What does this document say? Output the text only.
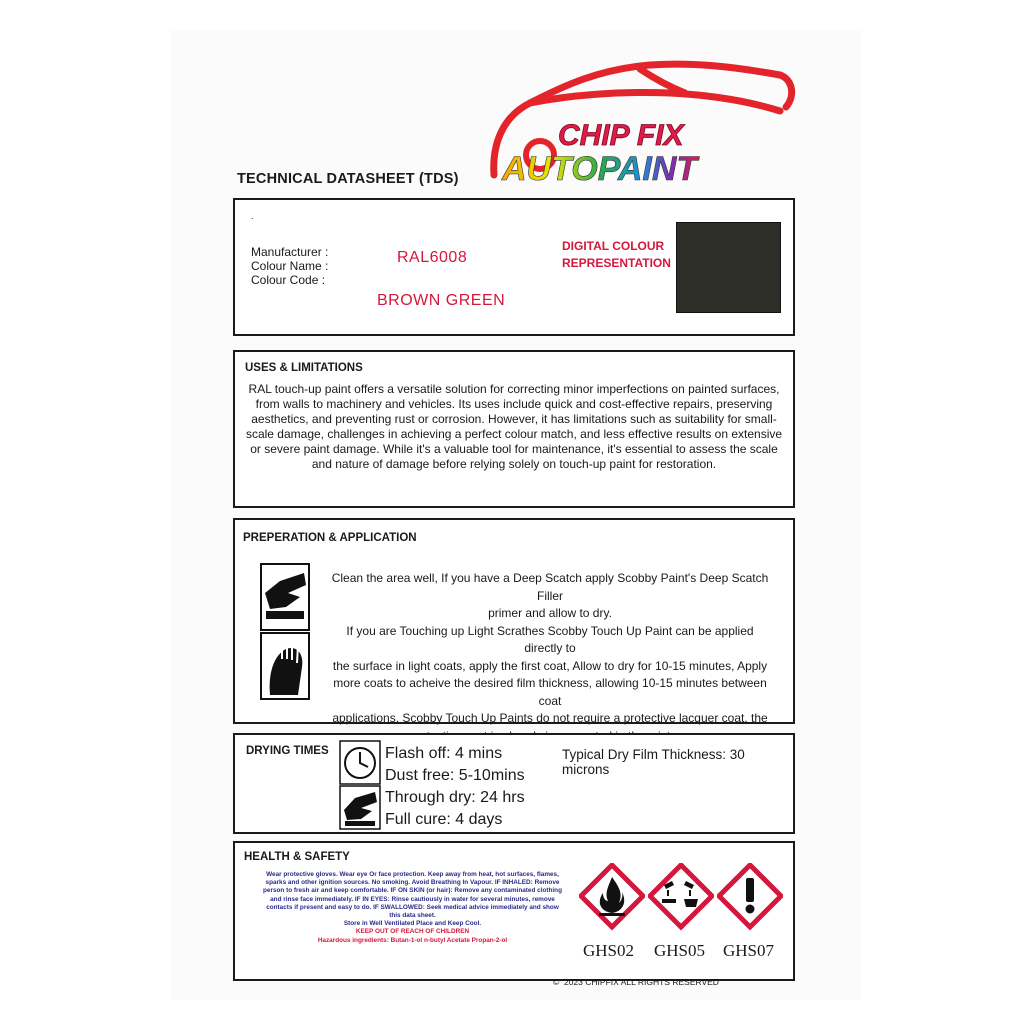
CHIP FIX
AUTOPAINT
TECHNICAL DATASHEET (TDS)
.
Manufacturer :
Colour Name :
Colour Code :
RAL6008
BROWN GREEN
DIGITAL COLOUR
REPRESENTATION
USES & LIMITATIONS
RAL touch-up paint offers a versatile solution for correcting minor imperfections on painted surfaces,
from walls to machinery and vehicles. Its uses include quick and cost-effective repairs, preserving
aesthetics, and preventing rust or corrosion. However, it has limitations such as suitability for small-
scale damage, challenges in achieving a perfect colour match, and less effective results on extensive
or severe paint damage. While it's a valuable tool for maintenance, it's essential to assess the scale
and nature of damage before relying solely on touch-up paint for restoration.
PREPERATION & APPLICATION
Clean the area well, If you have a Deep Scatch apply Scobby Paint's Deep Scatch Filler
primer and allow to dry.
If you are Touching up Light Scrathes Scobby Touch Up Paint can be applied directly to
the surface in light coats, apply the first coat, Allow to dry for 10-15 minutes, Apply
more coats to acheive the desired film thickness, allowing 10-15 minutes between coat
applications. Scobby Touch Up Paints do not require a protective lacquer coat, the
DRYING TIMES	Flash off: 4 mins
Dust free: 5-10mins
Through dry: 24 hrs
Full cure: 4 days
Typical Dry Film Thickness: 30 microns
HEALTH & SAFETY
Wear protective gloves. Wear eye Or face protection. Keep away from heat, hot surfaces, flames,
sparks and other ignition sources. No smoking. Avoid Breathing In Vapour. IF INHALED: Remove
person to fresh air and keep comfortable. IF ON SKIN (or hair): Remove any contaminated clothing
and rinse face immediately. IF IN EYES: Rinse cautiously in water for several minutes, remove
contacts if present and easy to do. IF SWALLOWED: Seek medical advice immediately and show
this data sheet.
Store in Well Ventilated Place and Keep Cool.
KEEP OUT OF REACH OF CHILDREN
Hazardous ingredients: Butan-1-ol n-butyl Acetate Propan-2-ol
GHS02 GHS05 GHS07
©  2023 CHIPFIX ALL RIGHTS RESERVED
